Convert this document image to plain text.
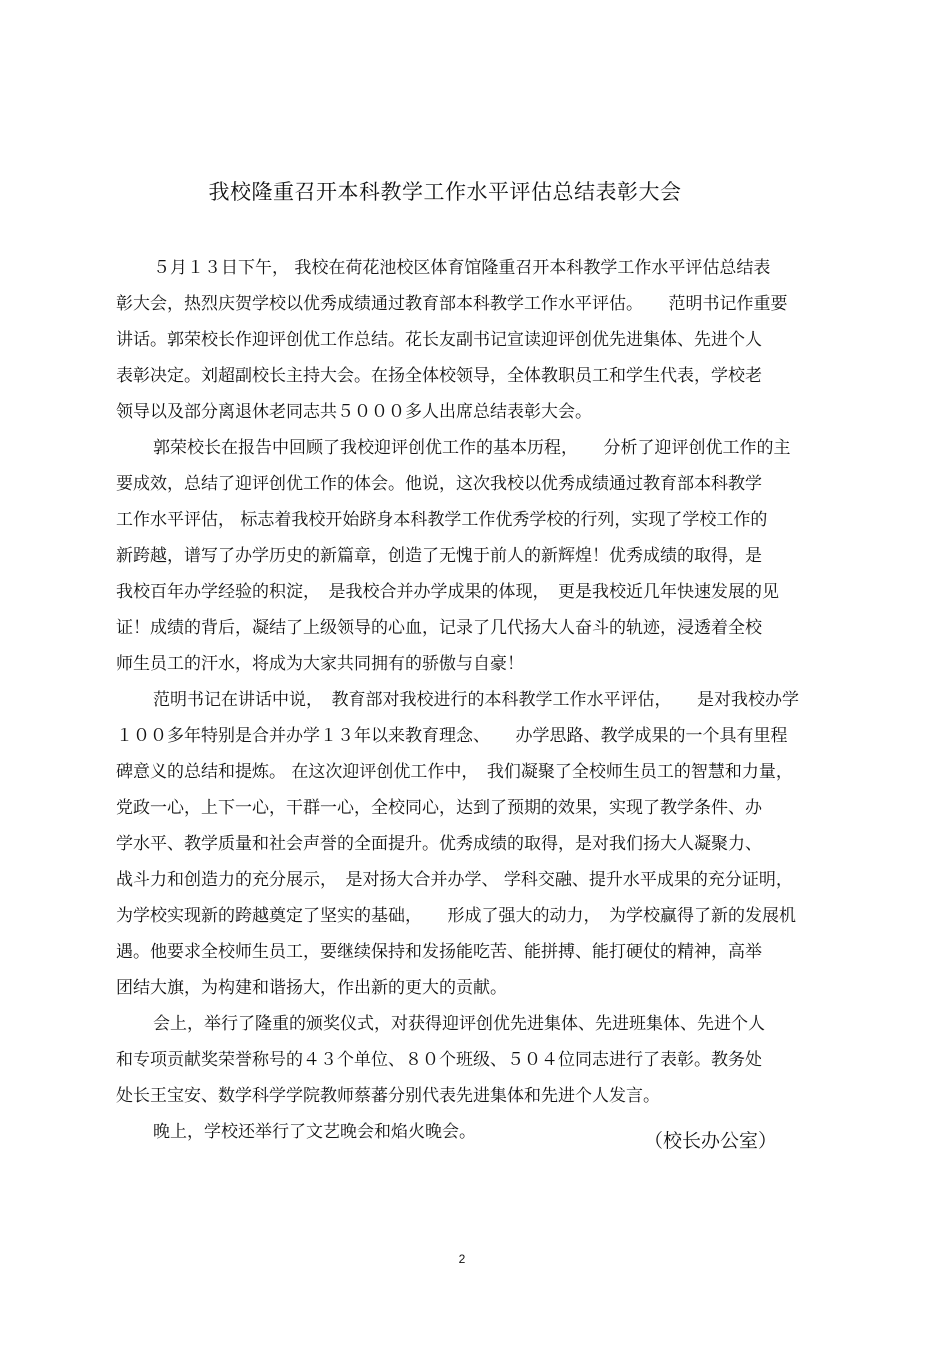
我校隆重召开本科教学工作水平评估总结表彰大会
５月１３日下午， 我校在荷花池校区体育馆隆重召开本科教学工作水平评估总结表
彰大会，热烈庆贺学校以优秀成绩通过教育部本科教学工作水平评估。　　范明书记作重要
讲话。郭荣校长作迎评创优工作总结。花长友副书记宣读迎评创优先进集体、先进个人
表彰决定。刘超副校长主持大会。在扬全体校领导，全体教职员工和学生代表，学校老
领导以及部分离退休老同志共５０００多人出席总结表彰大会。
郭荣校长在报告中回顾了我校迎评创优工作的基本历程，　　分析了迎评创优工作的主
要成效，总结了迎评创优工作的体会。他说，这次我校以优秀成绩通过教育部本科教学
工作水平评估， 标志着我校开始跻身本科教学工作优秀学校的行列，实现了学校工作的
新跨越，谱写了办学历史的新篇章，创造了无愧于前人的新辉煌！优秀成绩的取得，是
我校百年办学经验的积淀，　是我校合并办学成果的体现，　更是我校近几年快速发展的见
证！成绩的背后，凝结了上级领导的心血，记录了几代扬大人奋斗的轨迹，浸透着全校
师生员工的汗水，将成为大家共同拥有的骄傲与自豪！
范明书记在讲话中说，　教育部对我校进行的本科教学工作水平评估，　　是对我校办学
１００多年特别是合并办学１３年以来教育理念、　　办学思路、教学成果的一个具有里程
碑意义的总结和提炼。 在这次迎评创优工作中，　我们凝聚了全校师生员工的智慧和力量，
党政一心，上下一心，干群一心，全校同心，达到了预期的效果，实现了教学条件、办
学水平、教学质量和社会声誉的全面提升。优秀成绩的取得，是对我们扬大人凝聚力、
战斗力和创造力的充分展示，　是对扬大合并办学、 学科交融、提升水平成果的充分证明，
为学校实现新的跨越奠定了坚实的基础，　　形成了强大的动力，　为学校赢得了新的发展机
遇。他要求全校师生员工，要继续保持和发扬能吃苦、能拼搏、能打硬仗的精神，高举
团结大旗，为构建和谐扬大，作出新的更大的贡献。
会上，举行了隆重的颁奖仪式，对获得迎评创优先进集体、先进班集体、先进个人
和专项贡献奖荣誉称号的４３个单位、８０个班级、５０４位同志进行了表彰。教务处
处长王宝安、数学科学学院教师蔡蕃分别代表先进集体和先进个人发言。
晚上，学校还举行了文艺晚会和焰火晚会。	（校长办公室）
2
